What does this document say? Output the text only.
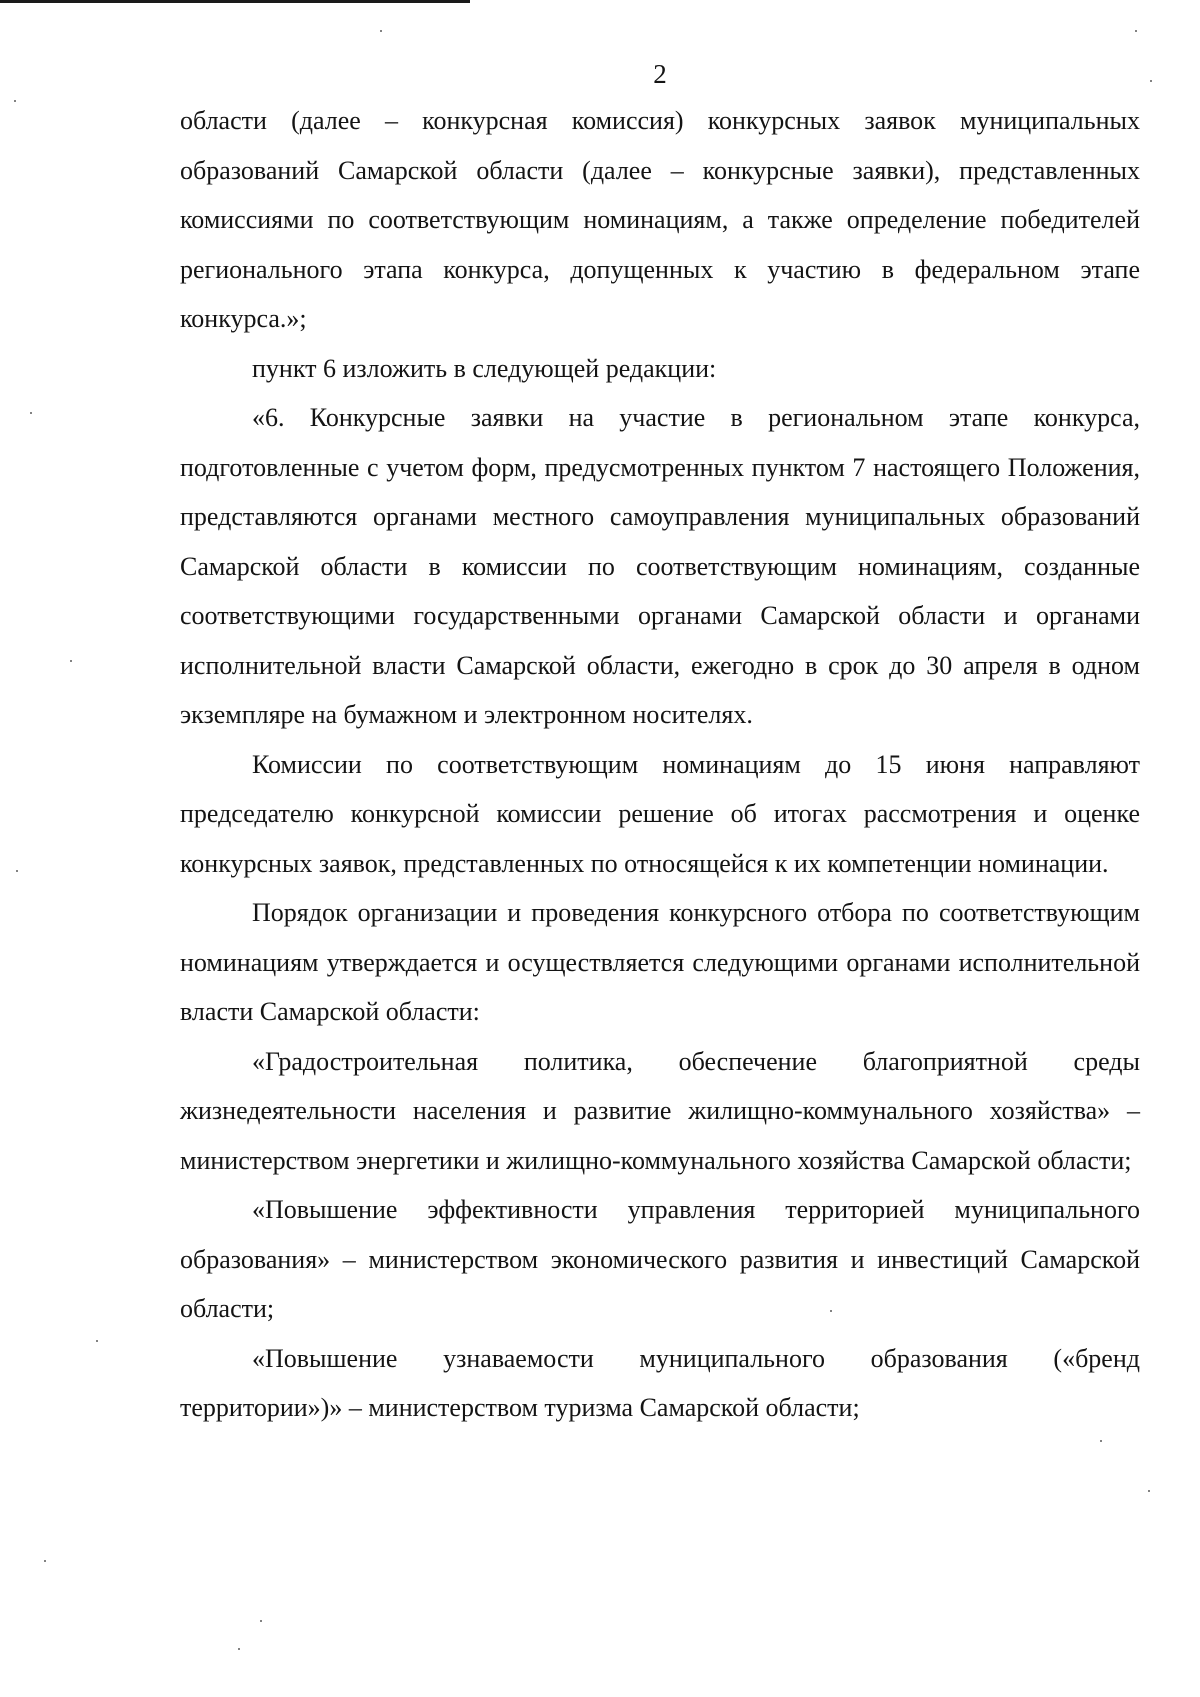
2

области (далее – конкурсная комиссия) конкурсных заявок муниципальных образований Самарской области (далее – конкурсные заявки), представленных комиссиями по соответствующим номинациям, а также определение победителей регионального этапа конкурса, допущенных к участию в федеральном этапе конкурса.»;

пункт 6 изложить в следующей редакции:

«6. Конкурсные заявки на участие в региональном этапе конкурса, подготовленные с учетом форм, предусмотренных пунктом 7 настоящего Положения, представляются органами местного самоуправления муниципальных образований Самарской области в комиссии по соответствующим номинациям, созданные соответствующими государственными органами Самарской области и органами исполнительной власти Самарской области, ежегодно в срок до 30 апреля в одном экземпляре на бумажном и электронном носителях.

Комиссии по соответствующим номинациям до 15 июня направляют председателю конкурсной комиссии решение об итогах рассмотрения и оценке конкурсных заявок, представленных по относящейся к их компетенции номинации.

Порядок организации и проведения конкурсного отбора по соответствующим номинациям утверждается и осуществляется следующими органами исполнительной власти Самарской области:

«Градостроительная политика, обеспечение благоприятной среды жизнедеятельности населения и развитие жилищно-коммунального хозяйства» – министерством энергетики и жилищно-коммунального хозяйства Самарской области;

«Повышение эффективности управления территорией муниципального образования» – министерством экономического развития и инвестиций Самарской области;

«Повышение узнаваемости муниципального образования («бренд территории»)» – министерством туризма Самарской области;
